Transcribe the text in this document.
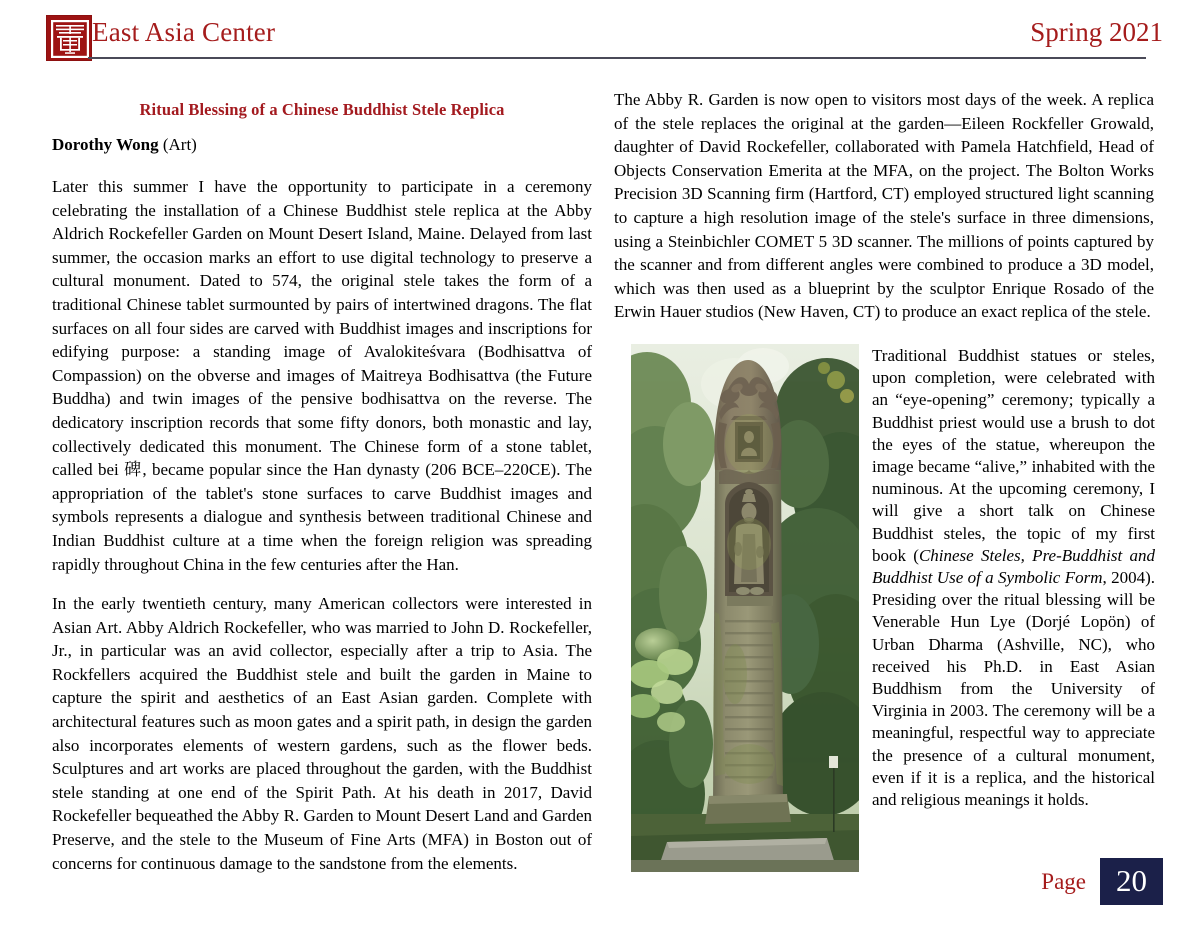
East Asia Center	Spring 2021
Ritual Blessing of a Chinese Buddhist Stele Replica
Dorothy Wong (Art)

Later this summer I have the opportunity to participate in a ceremony celebrating the installation of a Chinese Buddhist stele replica at the Abby Aldrich Rockefeller Garden on Mount Desert Island, Maine. Delayed from last summer, the occasion marks an effort to use digital technology to preserve a cultural monument. Dated to 574, the original stele takes the form of a traditional Chinese tablet surmounted by pairs of intertwined dragons. The flat surfaces on all four sides are carved with Buddhist images and inscriptions for edifying purpose: a standing image of Avalokiteśvara (Bodhisattva of Compassion) on the obverse and images of Maitreya Bodhisattva (the Future Buddha) and twin images of the pensive bodhisattva on the reverse. The dedicatory inscription records that some fifty donors, both monastic and lay, collectively dedicated this monument. The Chinese form of a stone tablet, called bei 碑, became popular since the Han dynasty (206 BCE–220CE). The appropriation of the tablet's stone surfaces to carve Buddhist images and symbols represents a dialogue and synthesis between traditional Chinese and Indian Buddhist culture at a time when the foreign religion was spreading rapidly throughout China in the few centuries after the Han.

In the early twentieth century, many American collectors were interested in Asian Art. Abby Aldrich Rockefeller, who was married to John D. Rockefeller, Jr., in particular was an avid collector, especially after a trip to Asia. The Rockfellers acquired the Buddhist stele and built the garden in Maine to capture the spirit and aesthetics of an East Asian garden. Complete with architectural features such as moon gates and a spirit path, in design the garden also incorporates elements of western gardens, such as the flower beds. Sculptures and art works are placed throughout the garden, with the Buddhist stele standing at one end of the Spirit Path. At his death in 2017, David Rockefeller bequeathed the Abby R. Garden to Mount Desert Land and Garden Preserve, and the stele to the Museum of Fine Arts (MFA) in Boston out of concerns for continuous damage to the sandstone from the elements.

The Abby R. Garden is now open to visitors most days of the week. A replica of the stele replaces the original at the garden—Eileen Rockfeller Growald, daughter of David Rockefeller, collaborated with Pamela Hatchfield, Head of Objects Conservation Emerita at the MFA, on the project. The Bolton Works Precision 3D Scanning firm (Hartford, CT) employed structured light scanning to capture a high resolution image of the stele's surface in three dimensions, using a Steinbichler COMET 5 3D scanner. The millions of points captured by the scanner and from different angles were combined to produce a 3D model, which was then used as a blueprint by the sculptor Enrique Rosado of the Erwin Hauer studios (New Haven, CT) to produce an exact replica of the stele.

Traditional Buddhist statues or steles, upon completion, were celebrated with an “eye-opening” ceremony; typically a Buddhist priest would use a brush to dot the eyes of the statue, whereupon the image became “alive,” inhabited with the numinous. At the upcoming ceremony, I will give a short talk on Chinese Buddhist steles, the topic of my first book (Chinese Steles, Pre-Buddhist and Buddhist Use of a Symbolic Form, 2004). Presiding over the ritual blessing will be Venerable Hun Lye (Dorjé Lopön) of Urban Dharma (Ashville, NC), who received his Ph.D. in East Asian Buddhism from the University of Virginia in 2003. The ceremony will be a meaningful, respectful way to appreciate the presence of a cultural monument, even if it is a replica, and the historical and religious meanings it holds.

Page 20
